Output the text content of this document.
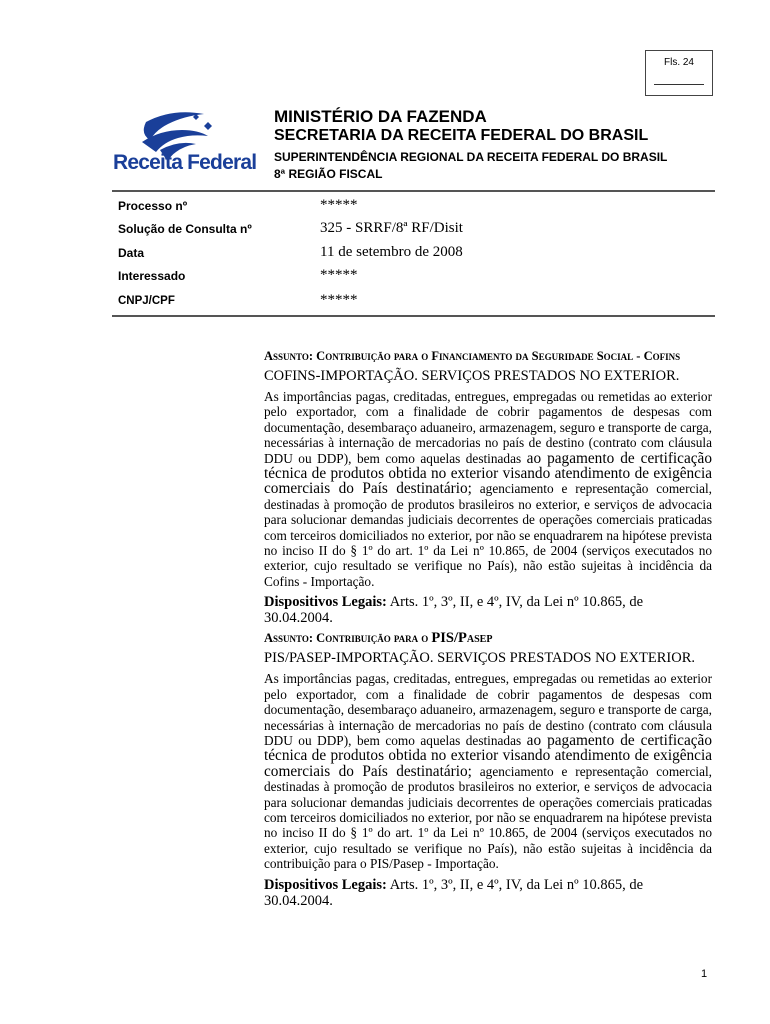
Fls. 24
Receita Federal
MINISTÉRIO DA FAZENDA
SECRETARIA DA RECEITA FEDERAL DO BRASIL
SUPERINTENDÊNCIA REGIONAL DA RECEITA FEDERAL DO BRASIL
8ª REGIÃO FISCAL
Processo nº	*****
Solução de Consulta nº	325 - SRRF/8ª RF/Disit
Data	11 de setembro de 2008
Interessado	*****
CNPJ/CPF	*****

Assunto: Contribuição para o Financiamento da Seguridade Social - Cofins

COFINS-IMPORTAÇÃO. SERVIÇOS PRESTADOS NO EXTERIOR.

As importâncias pagas, creditadas, entregues, empregadas ou remetidas ao exterior pelo exportador, com a finalidade de cobrir pagamentos de despesas com documentação, desembaraço aduaneiro, armazenagem, seguro e transporte de carga, necessárias à internação de mercadorias no país de destino (contrato com cláusula DDU ou DDP), bem como aquelas destinadas ao pagamento de certificação técnica de produtos obtida no exterior visando atendimento de exigência comerciais do País destinatário; agenciamento e representação comercial, destinadas à promoção de produtos brasileiros no exterior, e serviços de advocacia para solucionar demandas judiciais decorrentes de operações comerciais praticadas com terceiros domiciliados no exterior, por não se enquadrarem na hipótese prevista no inciso II do § 1º do art. 1º da Lei nº 10.865, de 2004 (serviços executados no exterior, cujo resultado se verifique no País), não estão sujeitas à incidência da Cofins - Importação.

Dispositivos Legais: Arts. 1º, 3º, II, e 4º, IV, da Lei nº 10.865, de 30.04.2004.

Assunto: Contribuição para o PIS/Pasep

PIS/PASEP-IMPORTAÇÃO. SERVIÇOS PRESTADOS NO EXTERIOR.

As importâncias pagas, creditadas, entregues, empregadas ou remetidas ao exterior pelo exportador, com a finalidade de cobrir pagamentos de despesas com documentação, desembaraço aduaneiro, armazenagem, seguro e transporte de carga, necessárias à internação de mercadorias no país de destino (contrato com cláusula DDU ou DDP), bem como aquelas destinadas ao pagamento de certificação técnica de produtos obtida no exterior visando atendimento de exigência comerciais do País destinatário; agenciamento e representação comercial, destinadas à promoção de produtos brasileiros no exterior, e serviços de advocacia para solucionar demandas judiciais decorrentes de operações comerciais praticadas com terceiros domiciliados no exterior, por não se enquadrarem na hipótese prevista no inciso II do § 1º do art. 1º da Lei nº 10.865, de 2004 (serviços executados no exterior, cujo resultado se verifique no País), não estão sujeitas à incidência da contribuição para o PIS/Pasep - Importação.

Dispositivos Legais: Arts. 1º, 3º, II, e 4º, IV, da Lei nº 10.865, de 30.04.2004.

1
